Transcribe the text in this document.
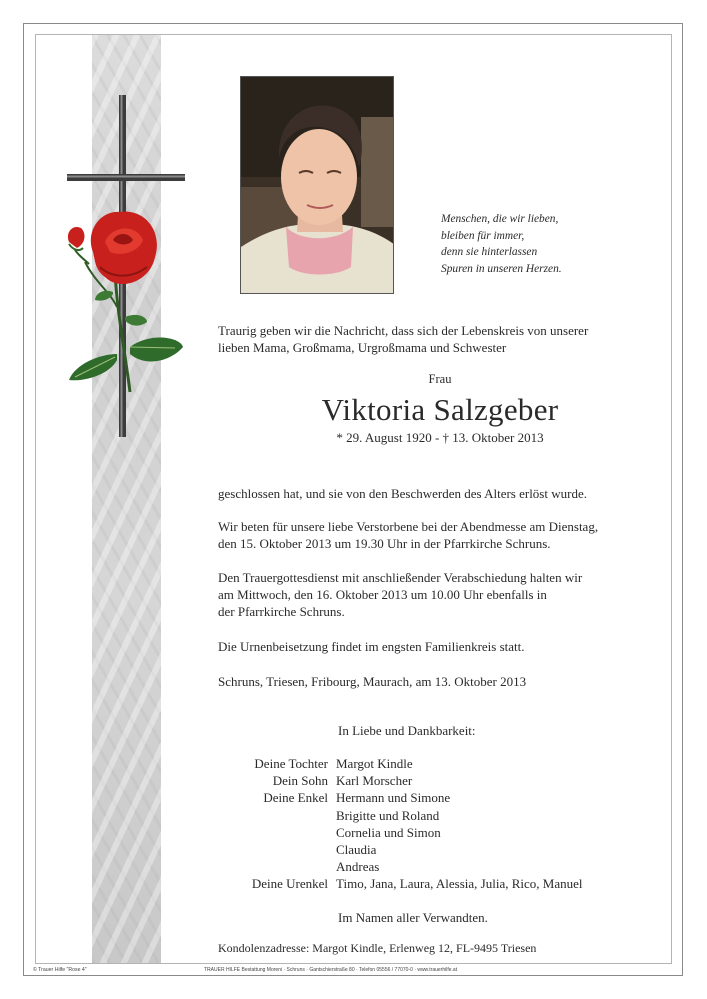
Menschen, die wir lieben,
bleiben für immer,
denn sie hinterlassen
Spuren in unseren Herzen.
Traurig geben wir die Nachricht, dass sich der Lebenskreis von unserer
lieben Mama, Großmama, Urgroßmama und Schwester
Frau
Viktoria Salzgeber
* 29. August 1920 - † 13. Oktober 2013
geschlossen hat, und sie von den Beschwerden des Alters erlöst wurde.
Wir beten für unsere liebe Verstorbene bei der Abendmesse am Dienstag,
den 15. Oktober 2013 um 19.30 Uhr in der Pfarrkirche Schruns.
Den Trauergottesdienst mit anschließender Verabschiedung halten wir
am Mittwoch, den 16. Oktober 2013 um 10.00 Uhr ebenfalls in
der Pfarrkirche Schruns.
Die Urnenbeisetzung findet im engsten Familienkreis statt.
Schruns, Triesen, Fribourg, Maurach, am 13. Oktober 2013
In Liebe und Dankbarkeit:
Deine Tochter Margot Kindle
Dein Sohn Karl Morscher
Deine Enkel Hermann und Simone
Brigitte und Roland
Cornelia und Simon
Claudia
Andreas
Deine Urenkel Timo, Jana, Laura, Alessia, Julia, Rico, Manuel
Im Namen aller Verwandten.
Kondolenzadresse: Margot Kindle, Erlenweg 12, FL-9495 Triesen
© Trauer Hilfe "Rose 4"	TRAUER HILFE Bestattung Moreni · Schruns · Gantschierstraße 80 · Telefon 05556 / 77070-0 · www.trauerhilfe.at
